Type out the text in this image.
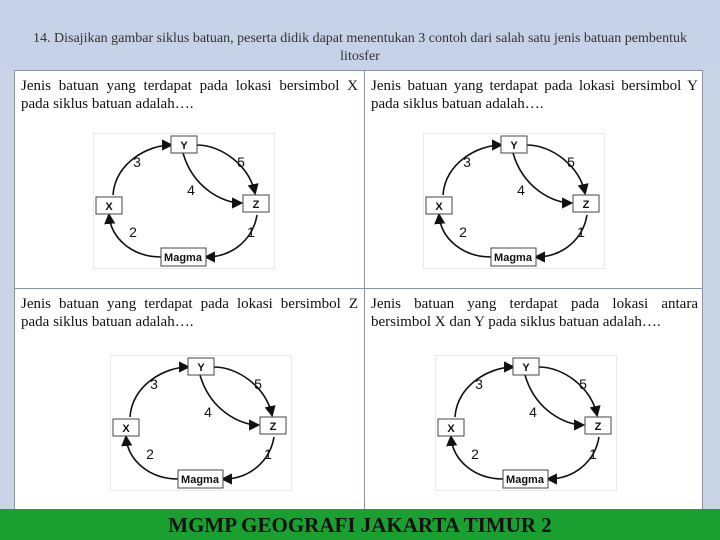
14. Disajikan gambar siklus batuan, peserta didik dapat menentukan 3 contoh dari salah satu jenis batuan pembentuk litosfer
Jenis batuan yang terdapat pada lokasi bersimbol X pada siklus batuan adalah….
Y
X	Z
Magma
3
4
5
2	1
Jenis batuan yang terdapat pada lokasi bersimbol Y pada siklus batuan adalah….
Y
X	Z
Magma
3
4
5
2	1
Jenis batuan yang terdapat pada lokasi bersimbol Z pada siklus batuan adalah….
Y
X	Z
Magma
3
4
5
2	1
Jenis batuan yang terdapat pada lokasi antara bersimbol X dan Y pada siklus batuan adalah….
Y
X	Z
Magma
3
4
5
2	1
MGMP GEOGRAFI JAKARTA TIMUR 2
